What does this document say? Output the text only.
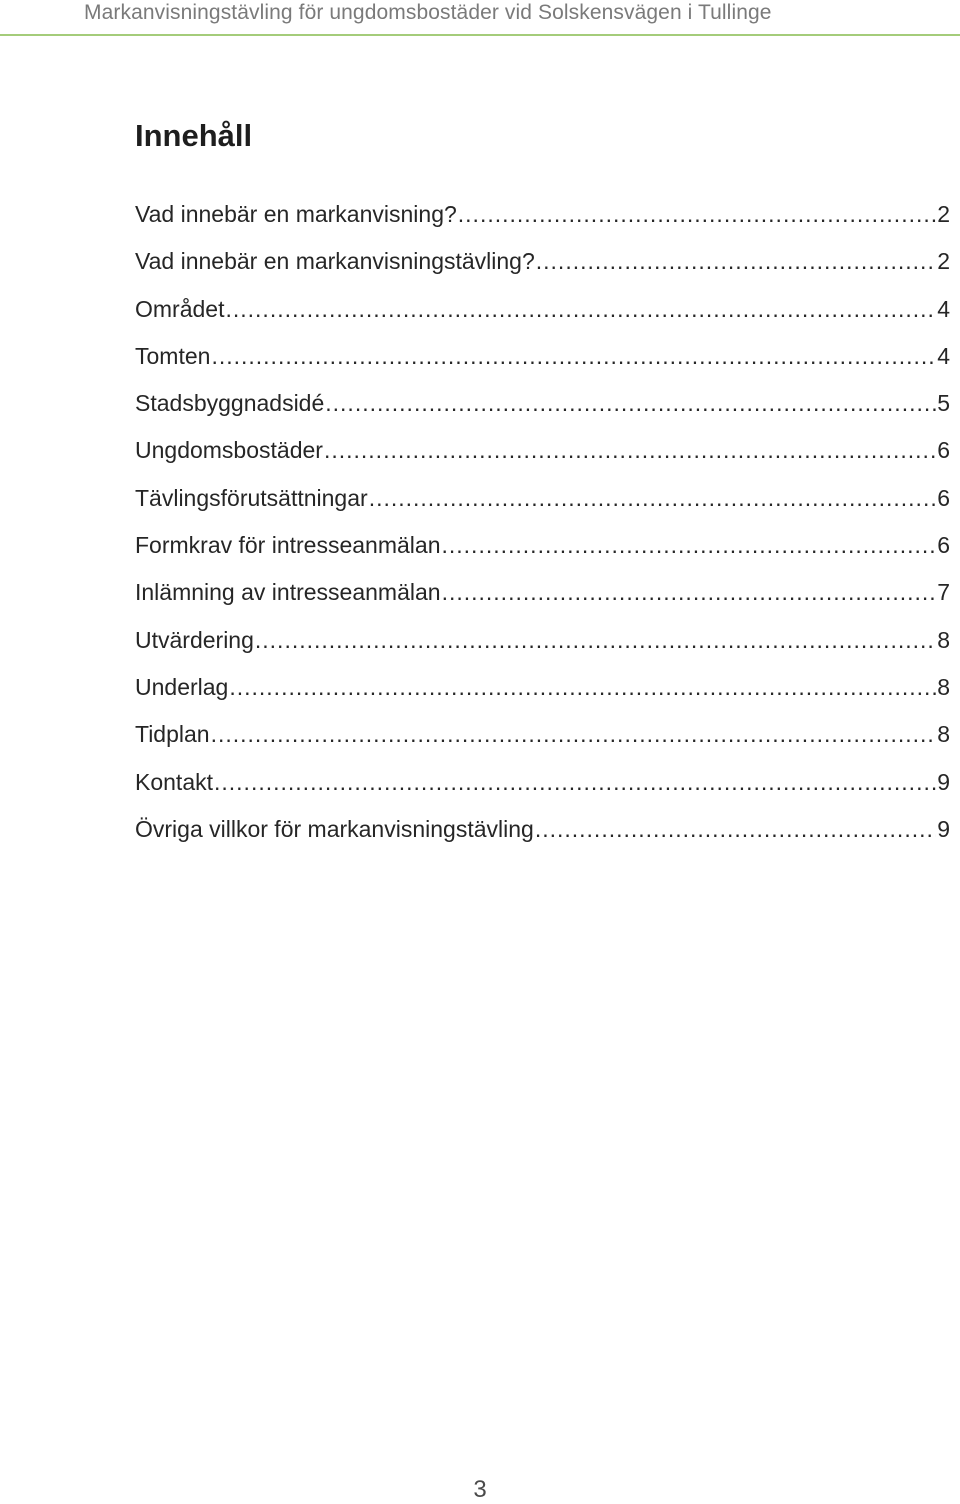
Markanvisningstävling för ungdomsbostäder vid Solskensvägen i Tullinge
Innehåll
Vad innebär en markanvisning? .....	2
Vad innebär en markanvisningstävling? .....	2
Området .....	4
Tomten .....	4
Stadsbyggnadsidé .....	5
Ungdomsbostäder .....	6
Tävlingsförutsättningar .....	6
Formkrav för intresseanmälan .....	6
Inlämning av intresseanmälan .....	7
Utvärdering .....	8
Underlag .....	8
Tidplan .....	8
Kontakt .....	9
Övriga villkor för markanvisningstävling .....	9
3
